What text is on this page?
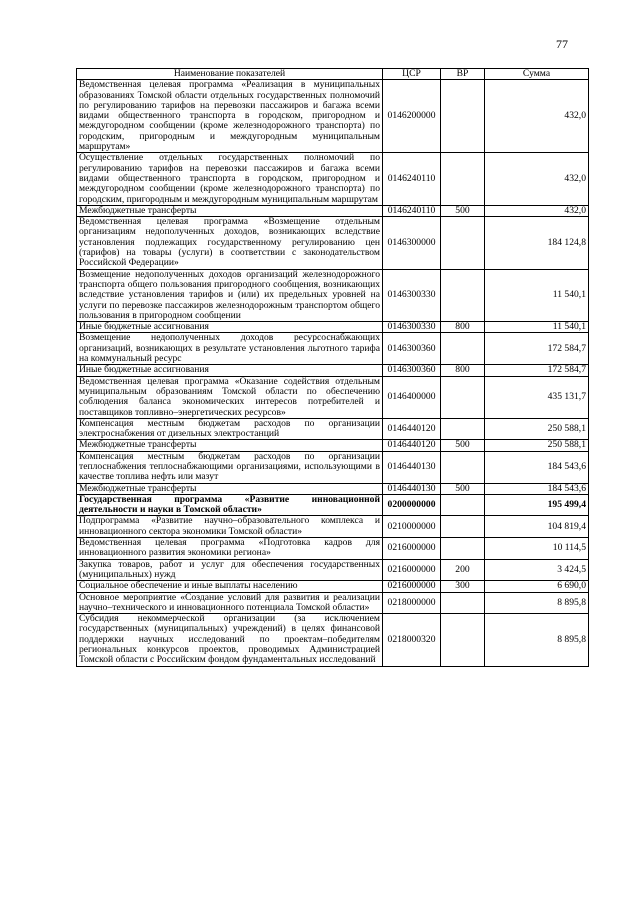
77
Наименование показателей	ЦСР	ВР	Сумма
Ведомственная целевая программа «Реализация в муниципальных образованиях Томской области отдельных государственных полномочий по регулированию тарифов на перевозки пассажиров и багажа всеми видами общественного транспорта в городском, пригородном и междугородном сообщении (кроме железнодорожного транспорта) по городским, пригородным и междугородным муниципальным маршрутам»	0146200000		432,0
Осуществление отдельных государственных полномочий по регулированию тарифов на перевозки пассажиров и багажа всеми видами общественного транспорта в городском, пригородном и междугородном сообщении (кроме железнодорожного транспорта) по городским, пригородным и междугородным муниципальным маршрутам	0146240110		432,0
Межбюджетные трансферты	0146240110	500	432,0
Ведомственная целевая программа «Возмещение отдельным организациям недополученных доходов, возникающих вследствие установления подлежащих государственному регулированию цен (тарифов) на товары (услуги) в соответствии с законодательством Российской Федерации»	0146300000		184 124,8
Возмещение недополученных доходов организаций железнодорожного транспорта общего пользования пригородного сообщения, возникающих вследствие установления тарифов и (или) их предельных уровней на услуги по перевозке пассажиров железнодорожным транспортом общего пользования в пригородном сообщении	0146300330		11 540,1
Иные бюджетные ассигнования	0146300330	800	11 540,1
Возмещение недополученных доходов ресурсоснабжающих организаций, возникающих в результате установления льготного тарифа на коммунальный ресурс	0146300360		172 584,7
Иные бюджетные ассигнования	0146300360	800	172 584,7
Ведомственная целевая программа «Оказание содействия отдельным муниципальным образованиям Томской области по обеспечению соблюдения баланса экономических интересов потребителей и поставщиков топливно–энергетических ресурсов»	0146400000		435 131,7
Компенсация местным бюджетам расходов по организации электроснабжения от дизельных электростанций	0146440120		250 588,1
Межбюджетные трансферты	0146440120	500	250 588,1
Компенсация местным бюджетам расходов по организации теплоснабжения теплоснабжающими организациями, использующими в качестве топлива нефть или мазут	0146440130		184 543,6
Межбюджетные трансферты	0146440130	500	184 543,6
Государственная программа «Развитие инновационной деятельности и науки в Томской области»	0200000000		195 499,4
Подпрограмма «Развитие научно–образовательного комплекса и инновационного сектора экономики Томской области»	0210000000		104 819,4
Ведомственная целевая программа «Подготовка кадров для инновационного развития экономики региона»	0216000000		10 114,5
Закупка товаров, работ и услуг для обеспечения государственных (муниципальных) нужд	0216000000	200	3 424,5
Социальное обеспечение и иные выплаты населению	0216000000	300	6 690,0
Основное мероприятие «Создание условий для развития и реализации научно–технического и инновационного потенциала Томской области»	0218000000		8 895,8
Субсидия некоммерческой организации (за исключением государственных (муниципальных) учреждений) в целях финансовой поддержки научных исследований по проектам–победителям региональных конкурсов проектов, проводимых Администрацией Томской области с Российским фондом фундаментальных исследований	0218000320		8 895,8
